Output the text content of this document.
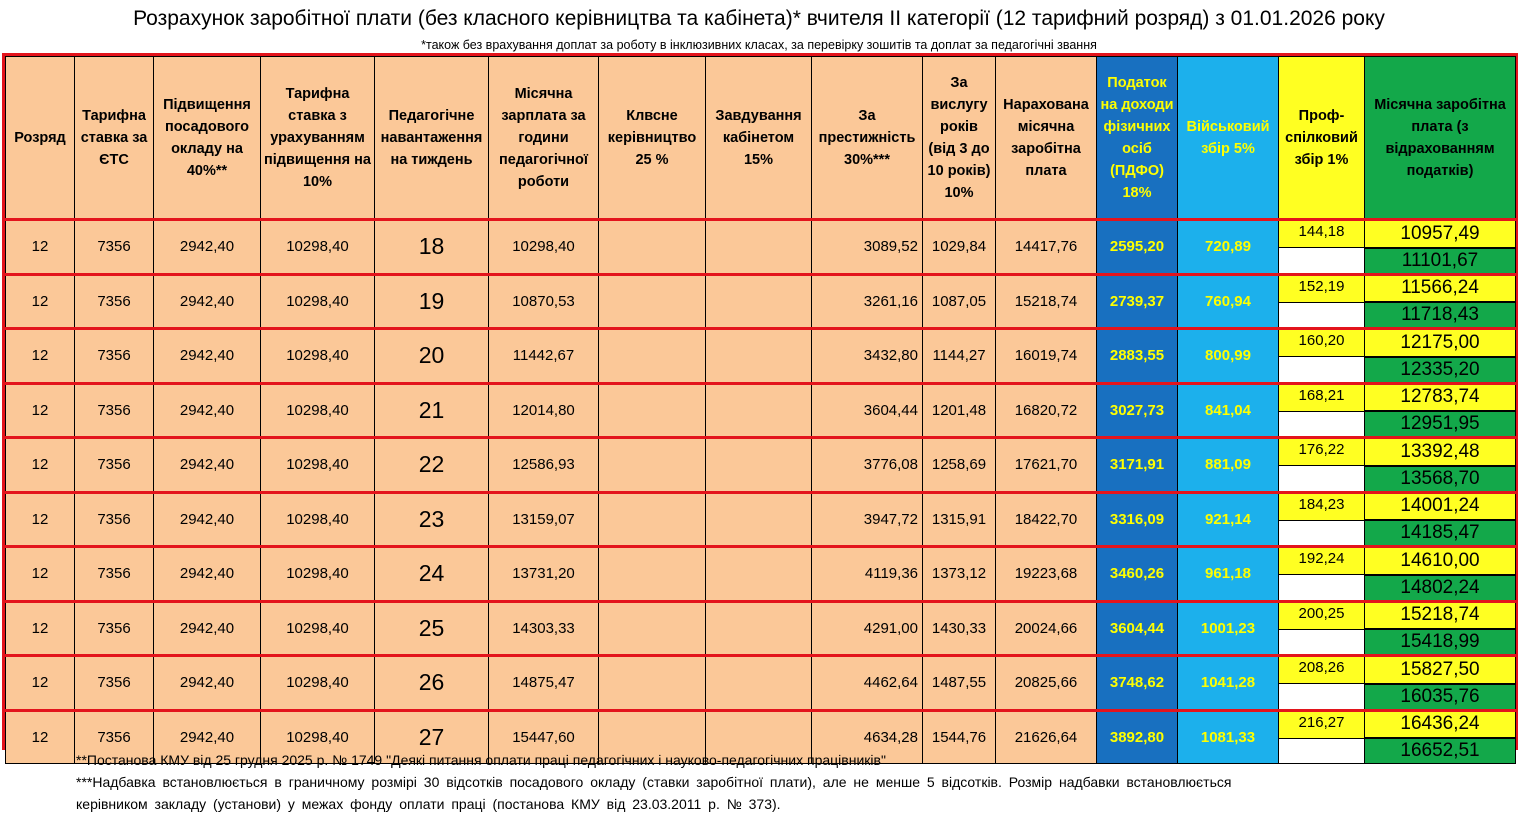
Розрахунок заробітної плати (без класного керівництва та кабінета)* вчителя ІІ категорії (12 тарифний розряд) з 01.01.2026 року
*також без врахування доплат за роботу в інклюзивних класах, за перевірку зошитів та доплат за педагогічні звання
Розряд	Тарифна ставка за ЄТС	Підвищення посадового окладу на 40%**	Тарифна ставка з урахуванням підвищення на 10%	Педагогічне навантаження на тиждень	Місячна зарплата за години педагогічної роботи	Клвсне керівництво 25 %	Завдування кабінетом 15%	За престижність 30%***	За вислугу років (від 3 до 10 років) 10%	Нарахована місячна заробітна плата	Податок на доходи фізичних осіб (ПДФО) 18%	Військовий збір 5%	Проф-спілковий збір 1%	Місячна заробітна плата (з відрахованням податків)
12	7356	2942,40	10298,40	18	10298,40			3089,52	1029,84	14417,76	2595,20	720,89	144,18	10957,49
														11101,67
12	7356	2942,40	10298,40	19	10870,53			3261,16	1087,05	15218,74	2739,37	760,94	152,19	11566,24
														11718,43
12	7356	2942,40	10298,40	20	11442,67			3432,80	1144,27	16019,74	2883,55	800,99	160,20	12175,00
														12335,20
12	7356	2942,40	10298,40	21	12014,80			3604,44	1201,48	16820,72	3027,73	841,04	168,21	12783,74
														12951,95
12	7356	2942,40	10298,40	22	12586,93			3776,08	1258,69	17621,70	3171,91	881,09	176,22	13392,48
														13568,70
12	7356	2942,40	10298,40	23	13159,07			3947,72	1315,91	18422,70	3316,09	921,14	184,23	14001,24
														14185,47
12	7356	2942,40	10298,40	24	13731,20			4119,36	1373,12	19223,68	3460,26	961,18	192,24	14610,00
														14802,24
12	7356	2942,40	10298,40	25	14303,33			4291,00	1430,33	20024,66	3604,44	1001,23	200,25	15218,74
														15418,99
12	7356	2942,40	10298,40	26	14875,47			4462,64	1487,55	20825,66	3748,62	1041,28	208,26	15827,50
														16035,76
12	7356	2942,40	10298,40	27	15447,60			4634,28	1544,76	21626,64	3892,80	1081,33	216,27	16436,24
														16652,51
**Постанова КМУ від 25 грудня 2025 р. № 1749 "Деякі питання оплати праці педагогічних і науково-педагогічних працівників"
***Надбавка встановлюється в граничному розмірі 30 відсотків посадового окладу (ставки заробітної плати), але не менше 5 відсотків. Розмір надбавки встановлюється
керівником закладу (установи) у межах фонду оплати праці (постанова КМУ від 23.03.2011 р. № 373).
